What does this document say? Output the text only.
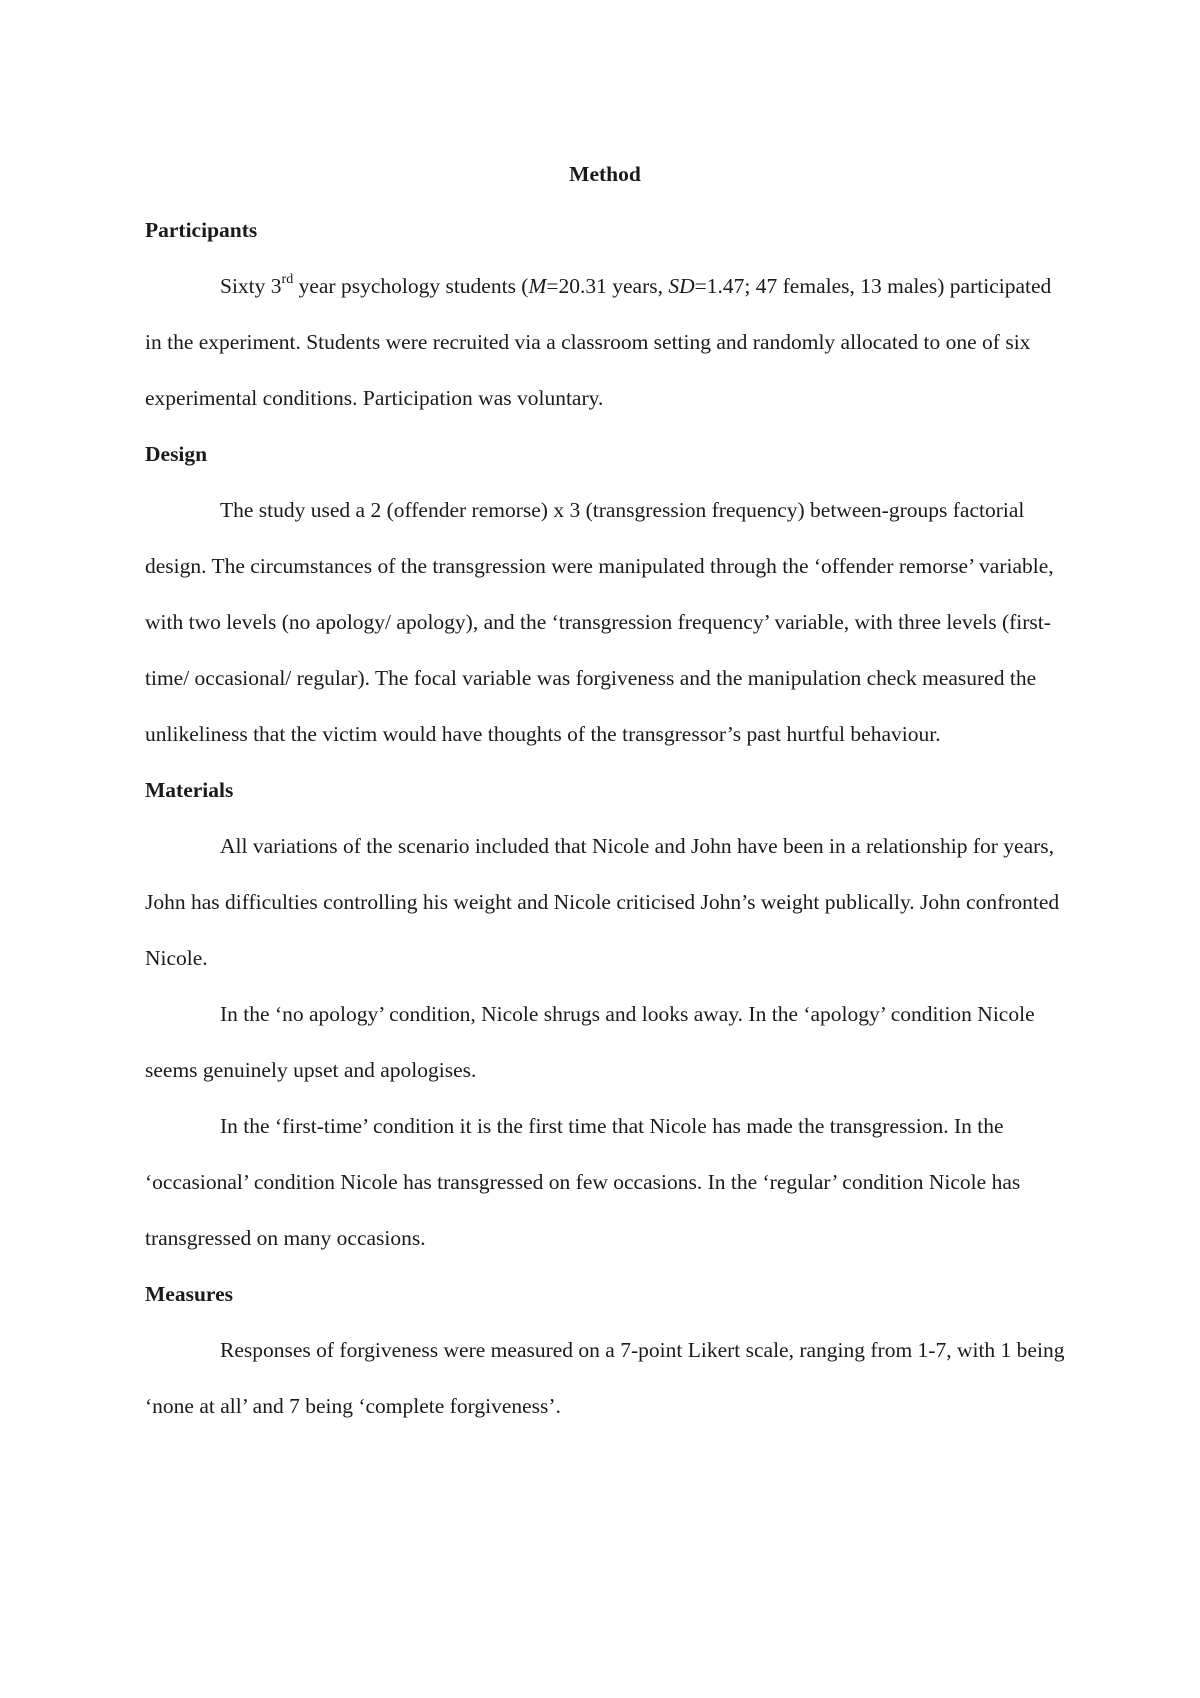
Method

Participants

Sixty 3rd year psychology students (M=20.31 years, SD=1.47; 47 females, 13 males) participated in the experiment. Students were recruited via a classroom setting and randomly allocated to one of six experimental conditions. Participation was voluntary.

Design

The study used a 2 (offender remorse) x 3 (transgression frequency) between-groups factorial design. The circumstances of the transgression were manipulated through the ‘offender remorse’ variable, with two levels (no apology/ apology), and the ‘transgression frequency’ variable, with three levels (first-time/ occasional/ regular). The focal variable was forgiveness and the manipulation check measured the unlikeliness that the victim would have thoughts of the transgressor’s past hurtful behaviour.

Materials

All variations of the scenario included that Nicole and John have been in a relationship for years, John has difficulties controlling his weight and Nicole criticised John’s weight publically. John confronted Nicole.

In the ‘no apology’ condition, Nicole shrugs and looks away. In the ‘apology’ condition Nicole seems genuinely upset and apologises.

In the ‘first-time’ condition it is the first time that Nicole has made the transgression. In the ‘occasional’ condition Nicole has transgressed on few occasions. In the ‘regular’ condition Nicole has transgressed on many occasions.

Measures

Responses of forgiveness were measured on a 7-point Likert scale, ranging from 1-7, with 1 being ‘none at all’ and 7 being ‘complete forgiveness’.
